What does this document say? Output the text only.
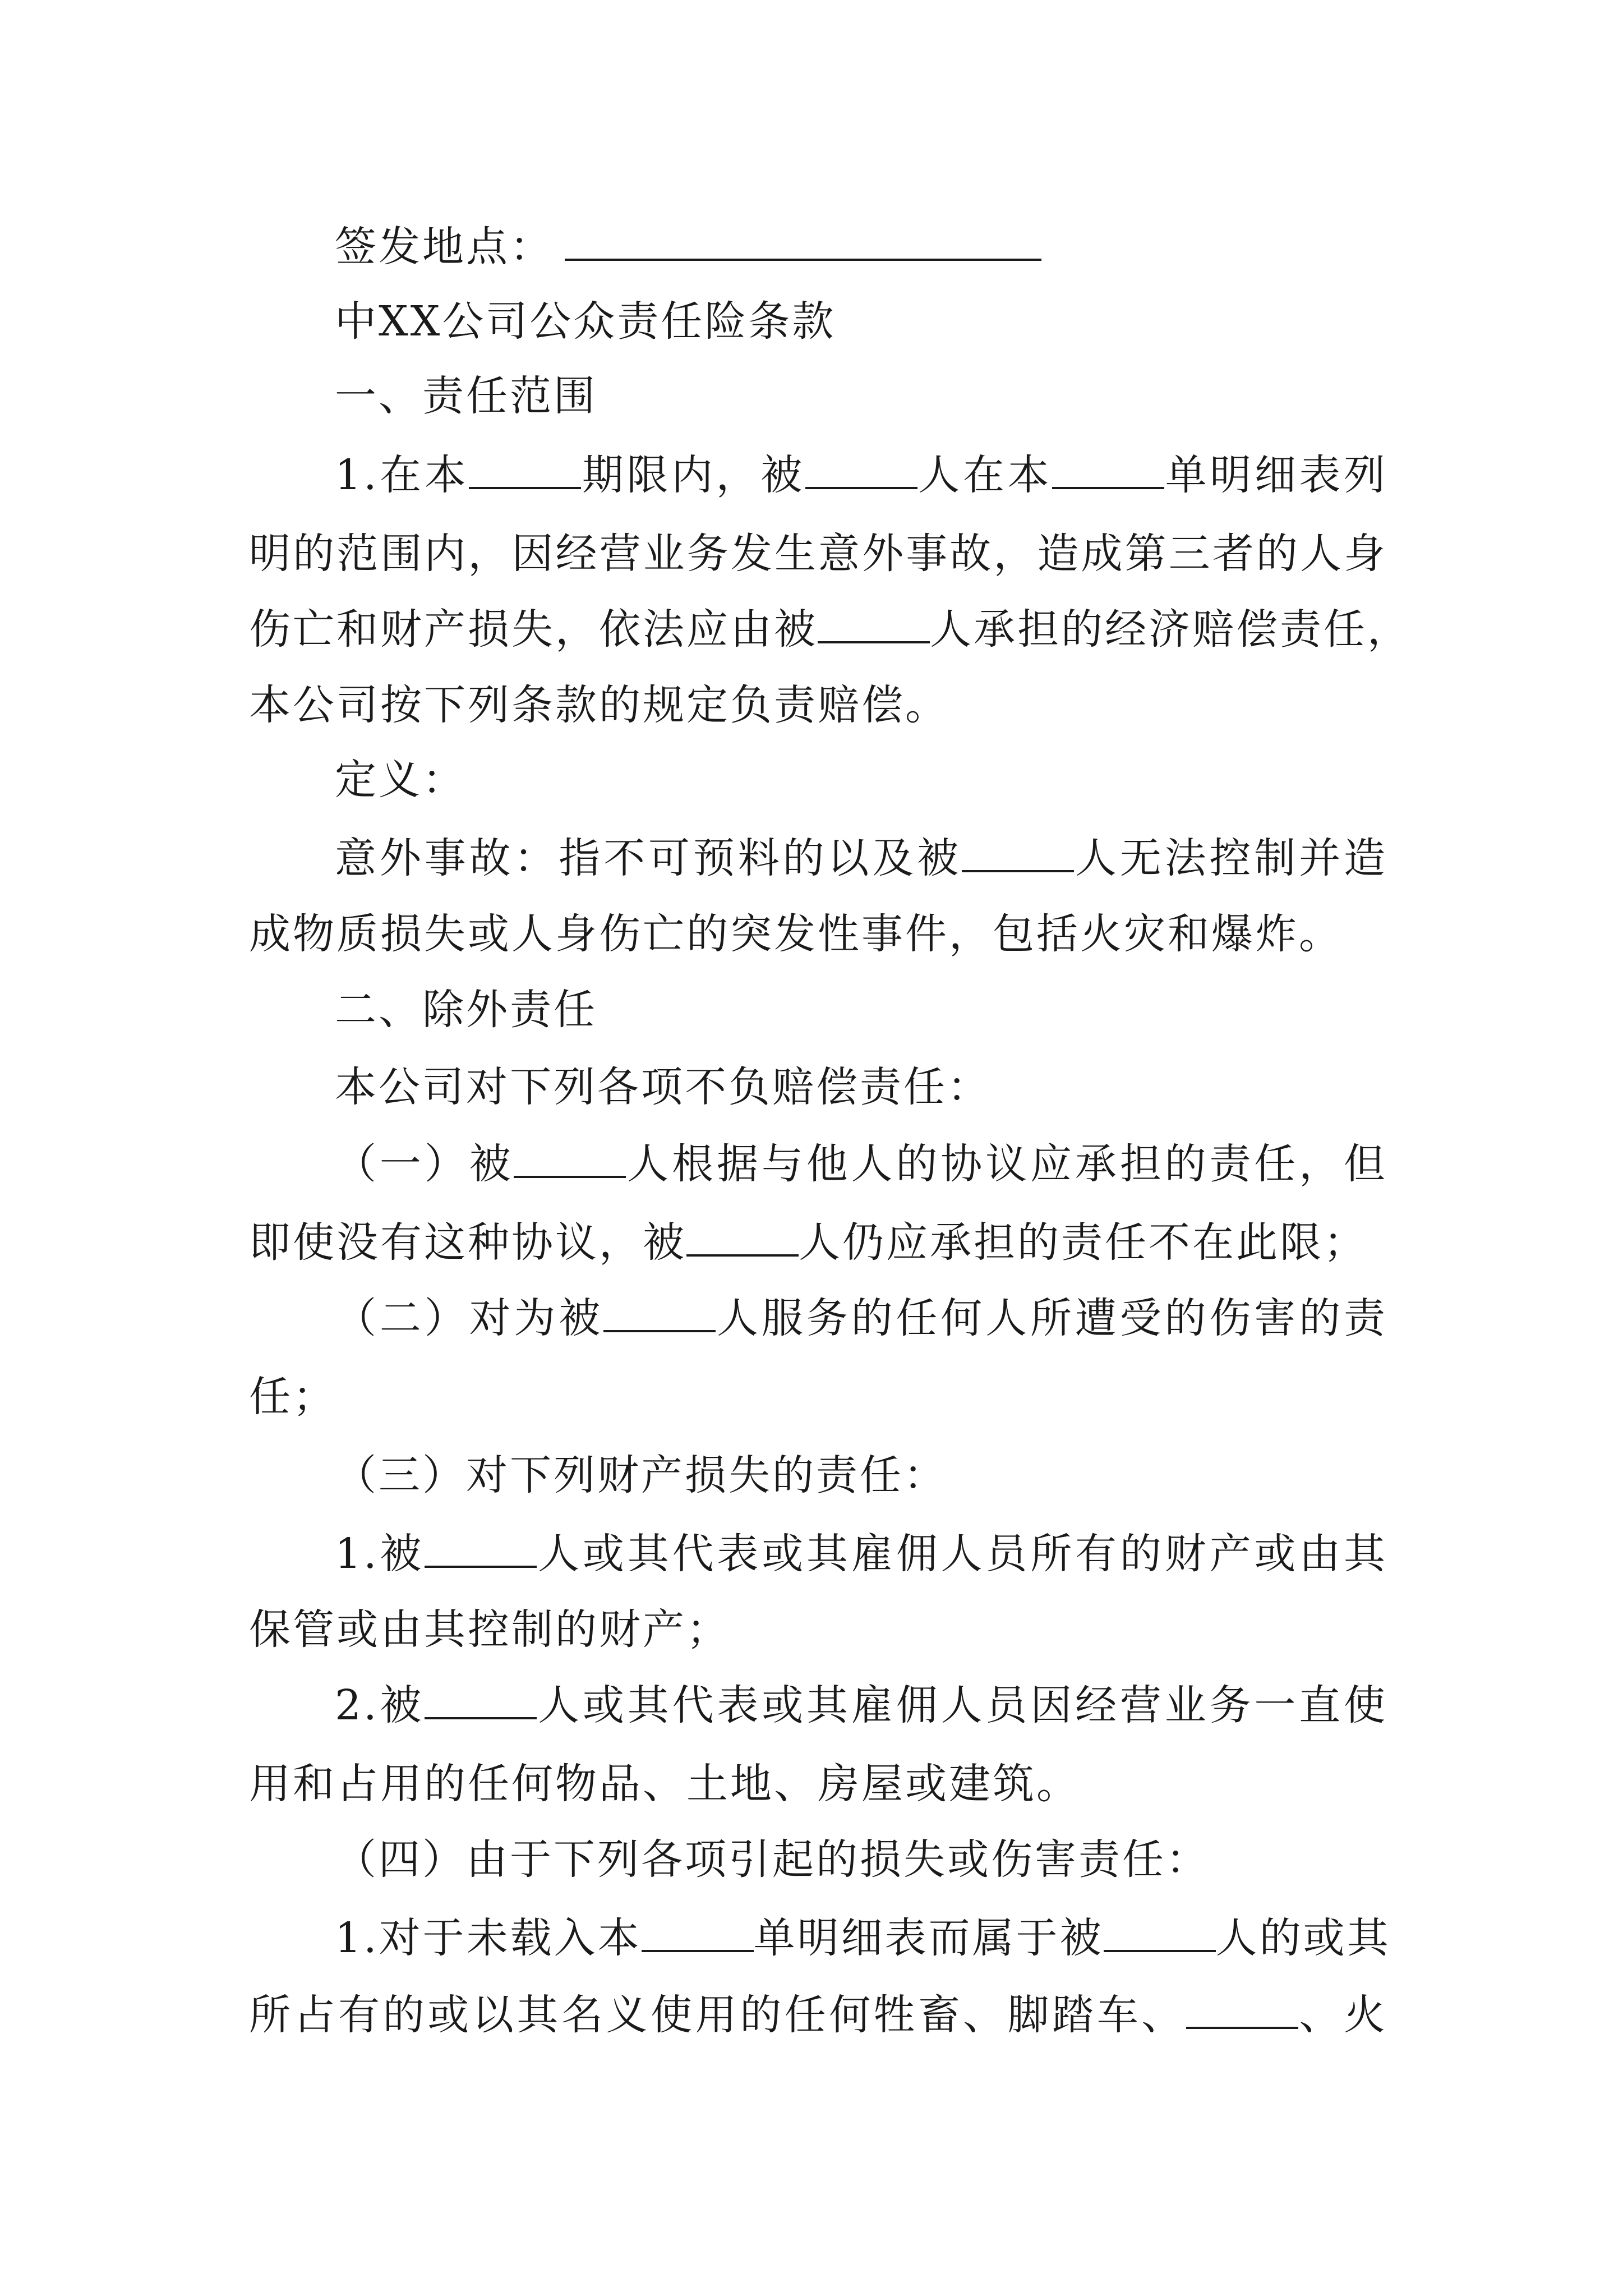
签发地点：
中XX公司公众责任险条款
一、责任范围
1.在本	期限内，被	人在本	单明细表列
明的范围内，因经营业务发生意外事故，造成第三者的人身
伤亡和财产损失，依法应由被	人承担的经济赔偿责任，
本公司按下列条款的规定负责赔偿。
定义：
意外事故：指不可预料的以及被	人无法控制并造
成物质损失或人身伤亡的突发性事件，包括火灾和爆炸。
二、除外责任
本公司对下列各项不负赔偿责任：
（一）被	人根据与他人的协议应承担的责任，但
即使没有这种协议，被	人仍应承担的责任不在此限；
（二）对为被	人服务的任何人所遭受的伤害的责
任；
（三）对下列财产损失的责任：
1.被	人或其代表或其雇佣人员所有的财产或由其
保管或由其控制的财产；
2.被	人或其代表或其雇佣人员因经营业务一直使
用和占用的任何物品、土地、房屋或建筑。
（四）由于下列各项引起的损失或伤害责任：
1.对于未载入本	单明细表而属于被	人的或其
所占有的或以其名义使用的任何牲畜、脚踏车、	、火
